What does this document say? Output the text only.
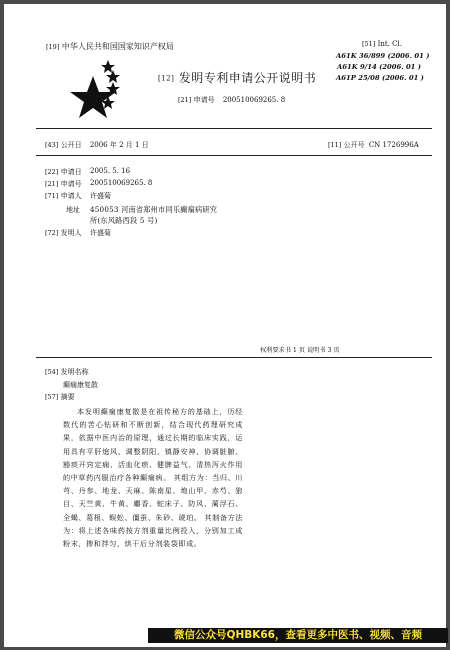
[19] 中华人民共和国国家知识产权局	[51] Int. Cl.
A61K 36/899 (2006. 01 )
A61K 9/14 (2006. 01 )
A61P 25/08 (2006. 01 )
[12] 发明专利申请公开说明书
[21] 申请号 200510069265. 8
[43] 公开日 2006 年 2 月 1 日	[11] 公开号 CN 1726996A
[22] 申请日 2005. 5. 16
[21] 申请号 200510069265. 8
[71] 申请人 许盛菊
地址 450053 河南省郑州市同乐癫痫病研究
所(东风路西段 5 号)
[72] 发明人 许盛菊
权利要求书 1 页 说明书 3 页
[54] 发明名称
癫痫康复散
[57] 摘要
本发明癫痫康复散是在祖传秘方的基础上，历经数代的苦心钻研和不断创新，结合现代药理研究成果，依据中医内治的原理，通过长期的临床实践，运用具有平肝熄风、调整阴阳、镇静安神、协调脏腑、豁痰开窍定痫、活血化瘀、健脾益气、清热泻火作用的中草药内服治疗各种癫痫病。 其组方为：当归、川芎、丹参、地龙、天麻、陈南星、炮山甲、赤芍、狼目、天竺黄、牛黄、麝香、蛇床子、防风、蔺浮石、全蝎、葛根、蜈蚣、僵蚕、朱砂、琥珀。 其制备方法为：将上述各味药按方剂重量比例投入，分别加工成粉末，掺和拌匀，烘干后分剂装袋即成。
微信公众号QHBK66，查看更多中医书、视频、音频
